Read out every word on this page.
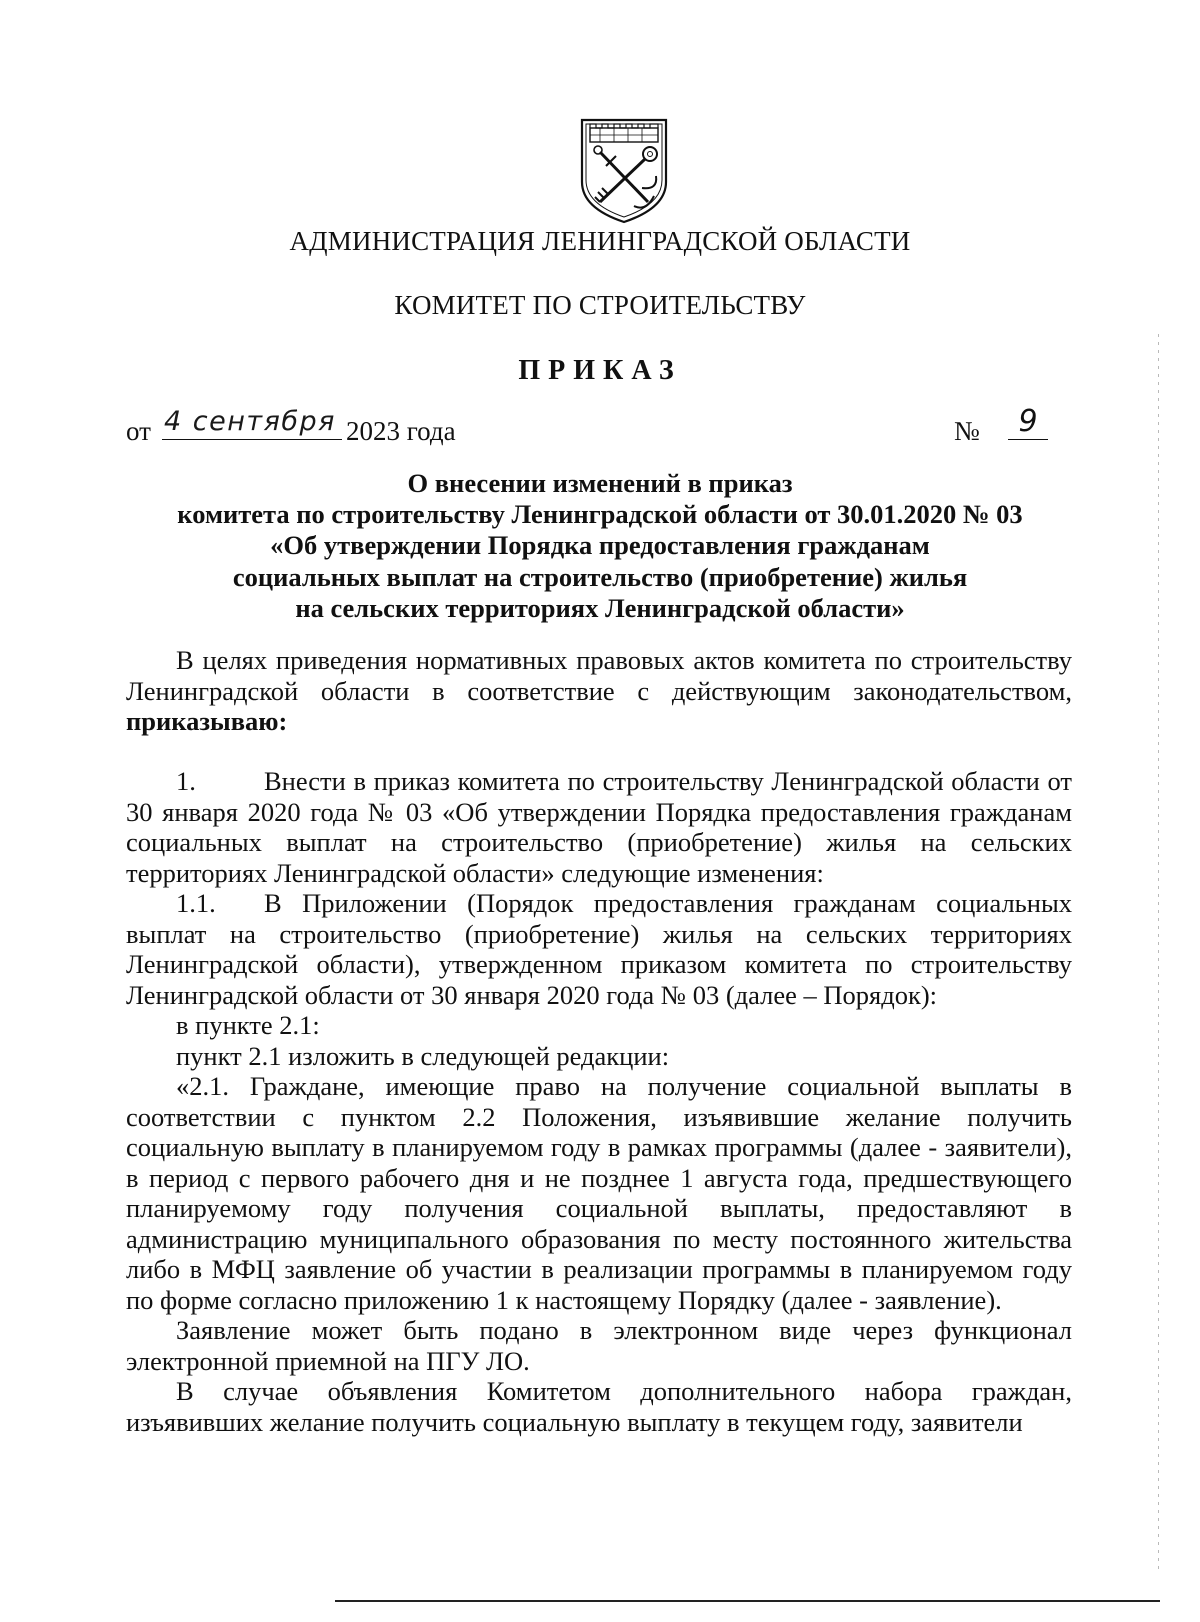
АДМИНИСТРАЦИЯ ЛЕНИНГРАДСКОЙ ОБЛАСТИ
КОМИТЕТ ПО СТРОИТЕЛЬСТВУ
ПРИКАЗ
от 4 сентября 2023 года	№	9
О внесении изменений в приказ
комитета по строительству Ленинградской области от 30.01.2020 № 03
«Об утверждении Порядка предоставления гражданам
социальных выплат на строительство (приобретение) жилья
на сельских территориях Ленинградской области»
В целях приведения нормативных правовых актов комитета по строительству Ленинградской области в соответствие с действующим законодательством, приказываю:
1.	Внести в приказ комитета по строительству Ленинградской области от 30 января 2020 года № 03 «Об утверждении Порядка предоставления гражданам социальных выплат на строительство (приобретение) жилья на сельских территориях Ленинградской области» следующие изменения:
1.1. В Приложении (Порядок предоставления гражданам социальных выплат на строительство (приобретение) жилья на сельских территориях Ленинградской области), утвержденном приказом комитета по строительству Ленинградской области от 30 января 2020 года № 03 (далее – Порядок):
в пункте 2.1:
пункт 2.1 изложить в следующей редакции:
«2.1. Граждане, имеющие право на получение социальной выплаты в соответствии с пунктом 2.2 Положения, изъявившие желание получить социальную выплату в планируемом году в рамках программы (далее - заявители), в период с первого рабочего дня и не позднее 1 августа года, предшествующего планируемому году получения социальной выплаты, предоставляют в администрацию муниципального образования по месту постоянного жительства либо в МФЦ заявление об участии в реализации программы в планируемом году по форме согласно приложению 1 к настоящему Порядку (далее - заявление).
Заявление может быть подано в электронном виде через функционал электронной приемной на ПГУ ЛО.
В случае объявления Комитетом дополнительного набора граждан, изъявивших желание получить социальную выплату в текущем году, заявители
